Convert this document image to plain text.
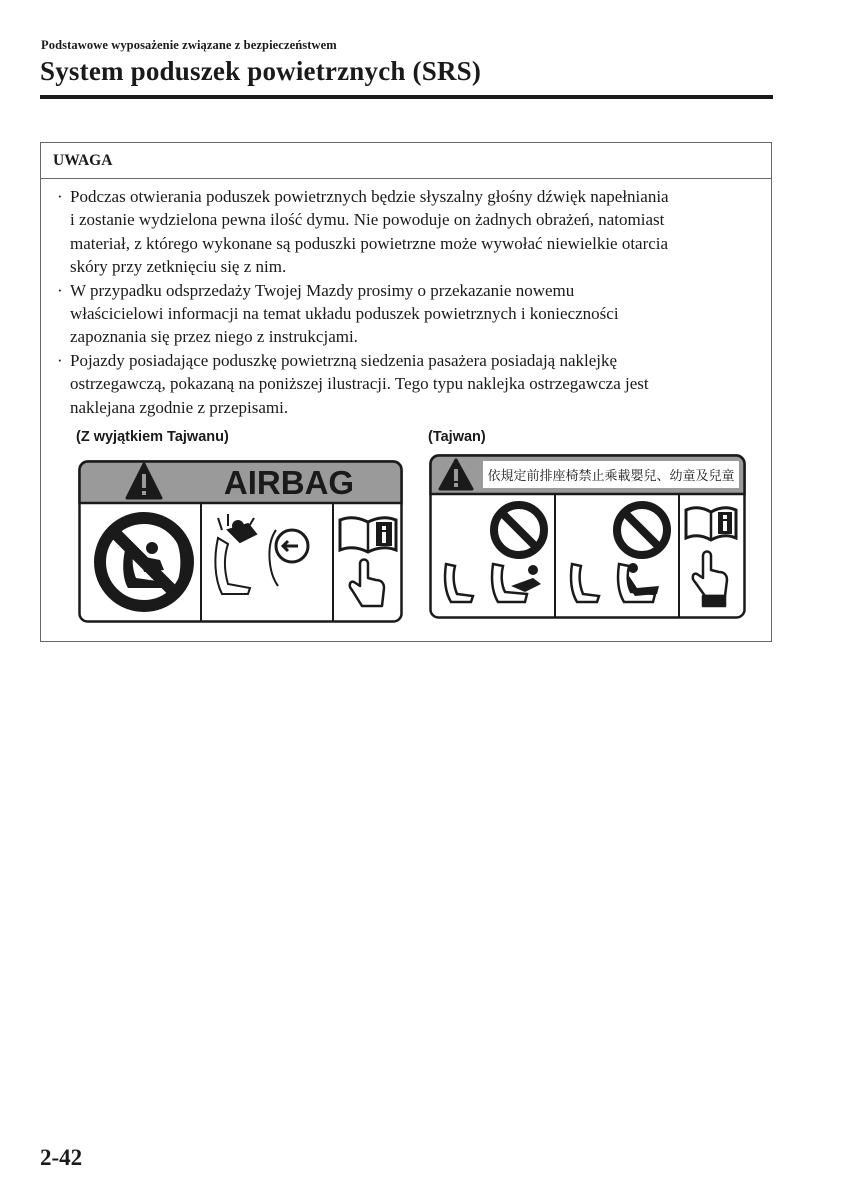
Podstawowe wyposażenie związane z bezpieczeństwem
System poduszek powietrznych (SRS)
UWAGA
· Podczas otwierania poduszek powietrznych będzie słyszalny głośny dźwięk napełniania
i zostanie wydzielona pewna ilość dymu. Nie powoduje on żadnych obrażeń, natomiast
materiał, z którego wykonane są poduszki powietrzne może wywołać niewielkie otarcia
skóry przy zetknięciu się z nim.
· W przypadku odsprzedaży Twojej Mazdy prosimy o przekazanie nowemu
właścicielowi informacji na temat układu poduszek powietrznych i konieczności
zapoznania się przez niego z instrukcjami.
· Pojazdy posiadające poduszkę powietrzną siedzenia pasażera posiadają naklejkę
ostrzegawczą, pokazaną na poniższej ilustracji. Tego typu naklejka ostrzegawcza jest
naklejana zgodnie z przepisami.
(Z wyjątkiem Tajwanu)	(Tajwan)
AIRBAG	依規定前排座椅禁止乘載嬰兒、幼童及兒童
2-42
